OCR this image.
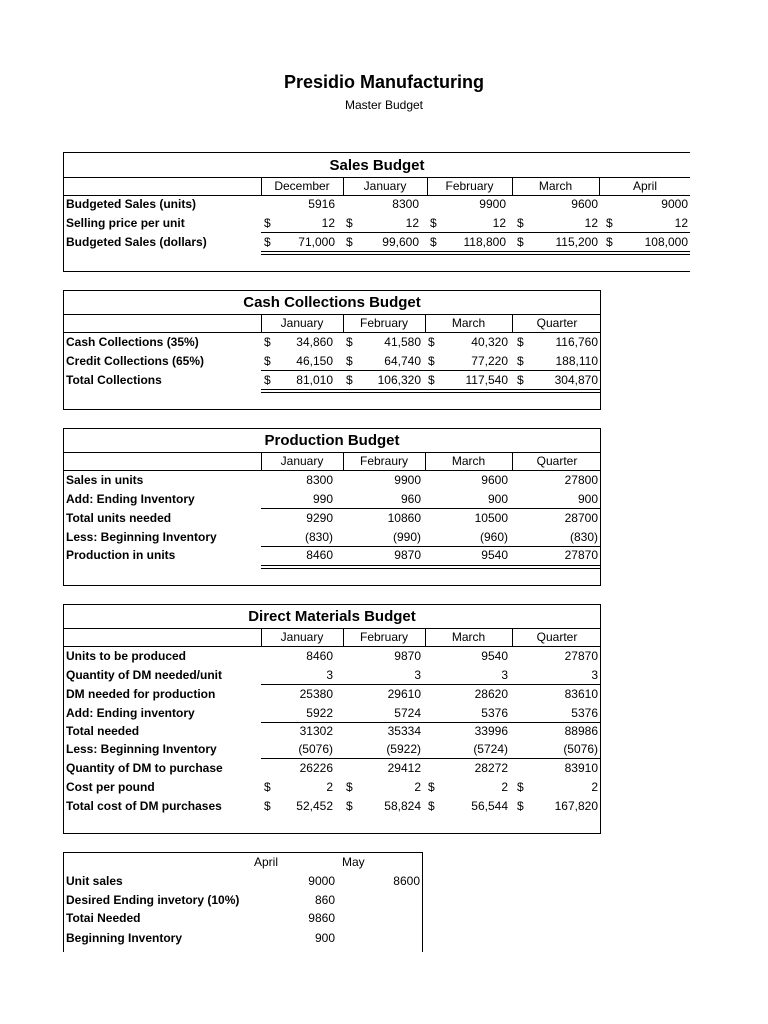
Presidio Manufacturing
Master Budget
Sales Budget
December	January	February	March	April
Budgeted Sales (units)	5916	8300	9900	9600	9000
Selling price per unit	$	12 $	12 $	12 $	12 $	12
Budgeted Sales (dollars)	$ 71,000 $ 99,600 $ 118,800 $	115,200 $	108,000
Cash Collections Budget
January	February	March	Quarter
Cash Collections (35%)	$ 34,860 $	41,580 $	40,320 $	116,760
Credit Collections (65%)	$ 46,150 $	64,740 $	77,220 $	188,110
Total Collections	$ 81,010 $ 106,320 $	117,540 $	304,870
Production Budget
January	Febraury	March	Quarter
Sales in units	8300	9900	9600	27800
Add: Ending Inventory	990	960	900	900
Total units needed	9290	10860	10500	28700
Less: Beginning Inventory	(830)	(990)	(960)	(830)
Production in units	8460	9870	9540	27870
Direct Materials Budget
January	February	March	Quarter
Units to be produced	8460	9870	9540	27870
Quantity of DM needed/unit	3	3	3	3
DM needed for production	25380	29610	28620	83610
Add: Ending inventory	5922	5724	5376	5376
Total needed	31302	35334	33996	88986
Less: Beginning Inventory	(5076)	(5922)	(5724)	(5076)
Quantity of DM to purchase	26226	29412	28272	83910
Cost per pound	$	2 $	2 $	2 $	2
Total cost of DM purchases	$ 52,452 $	58,824 $	56,544 $	167,820
April	May
Unit sales	9000	8600
Desired Ending invetory (10%)	860
Totai Needed	9860
Beginning Inventory	900
